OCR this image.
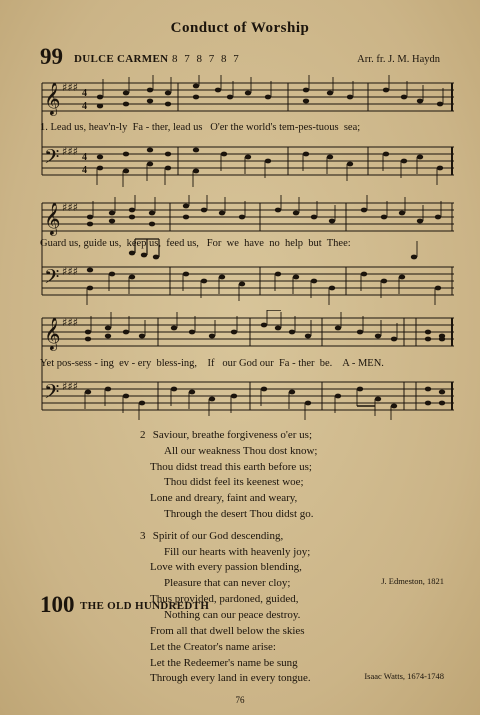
Conduct of Worship
99 DULCE CARMEN 8 7 8 7 8 7	Arr. fr. J. M. Haydn
𝄞
𝄢
♯♯♯
♯♯♯
4
4
4
4
1. Lead us, heav'n-ly  Fa - ther, lead us   O'er the world's tem-pes-tuous  sea;
𝄞
𝄢
♯♯♯
♯♯♯
Guard us, guide us,  keep us,  feed us,   For  we  have  no  help  but  Thee:
𝄞
𝄢
♯♯♯
♯♯♯
Yet pos-sess - ing  ev - ery  bless-ing,    If   our God our  Fa - ther  be.    A - MEN.
2 Saviour, breathe forgiveness o'er us;
All our weakness Thou dost know;
Thou didst tread this earth before us;
Thou didst feel its keenest woe;
Lone and dreary, faint and weary,
Through the desert Thou didst go.
3 Spirit of our God descending,
Fill our hearts with heavenly joy;
Love with every passion blending,
Pleasure that can never cloy;
Thus provided, pardoned, guided,
Nothing can our peace destroy.
J. Edmeston, 1821
100 THE OLD HUNDREDTH
From all that dwell below the skies
Let the Creator's name arise:
Let the Redeemer's name be sung
Through every land in every tongue.	Isaac Watts, 1674-1748
76
